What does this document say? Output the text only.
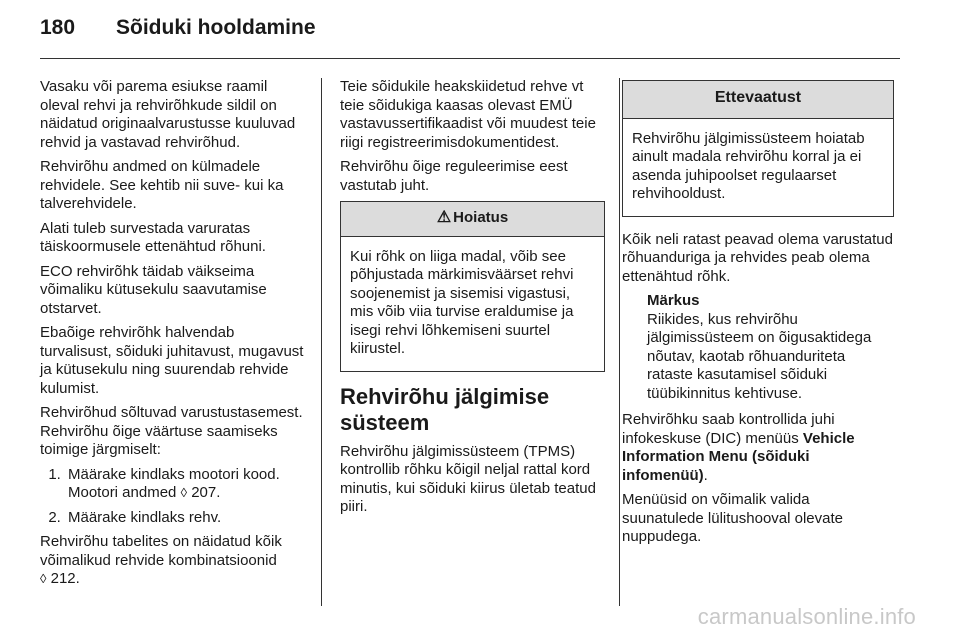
180 Sõiduki hooldamine

Vasaku või parema esiukse raamil oleval rehvi ja rehvirõhkude sildil on näidatud originaalvarustusse kuuluvad rehvid ja vastavad rehvirõhud.

Rehvirõhu andmed on külmadele rehvidele. See kehtib nii suve- kui ka talverehvidele.

Alati tuleb survestada varuratas täiskoormusele ettenähtud rõhuni.

ECO rehvirõhk täidab väikseima võimaliku kütusekulu saavutamise otstarvet.

Ebaõige rehvirõhk halvendab turvalisust, sõiduki juhitavust, mugavust ja kütusekulu ning suurendab rehvide kulumist.

Rehvirõhud sõltuvad varustustasemest. Rehvirõhu õige väärtuse saamiseks toimige järgmiselt:

1. Määrake kindlaks mootori kood. Mootori andmed ◊ 207.
2. Määrake kindlaks rehv.

Rehvirõhu tabelites on näidatud kõik võimalikud rehvide kombinatsioonid
◊ 212.

Teie sõidukile heakskiidetud rehve vt teie sõidukiga kaasas olevast EMÜ vastavussertifikaadist või muudest teie riigi registreerimisdokumentidest.

Rehvirõhu õige reguleerimise eest vastutab juht.

⚠ Hoiatus
Kui rõhk on liiga madal, võib see põhjustada märkimisväärset rehvi soojenemist ja sisemisi vigastusi, mis võib viia turvise eraldumise ja isegi rehvi lõhkemiseni suurtel kiirustel.
Rehvirõhu jälgimise süsteem

Rehvirõhu jälgimissüsteem (TPMS) kontrollib rõhku kõigil neljal rattal kord minutis, kui sõiduki kiirus ületab teatud piiri.

Ettevaatust
Rehvirõhu jälgimissüsteem hoiatab ainult madala rehvirõhu korral ja ei asenda juhipoolset regulaarset rehvihooldust.

Kõik neli ratast peavad olema varustatud rõhuanduriga ja rehvides peab olema ettenähtud rõhk.

Märkus
Riikides, kus rehvirõhu jälgimissüsteem on õigusaktidega nõutav, kaotab rõhuanduriteta rataste kasutamisel sõiduki tüübikinnitus kehtivuse.

Rehvirõhku saab kontrollida juhi infokeskuse (DIC) menüüs Vehicle Information Menu (sõiduki infomenüü).

Menüüsid on võimalik valida suunatulede lülitushooval olevate nuppudega.

carmanualsonline.info
